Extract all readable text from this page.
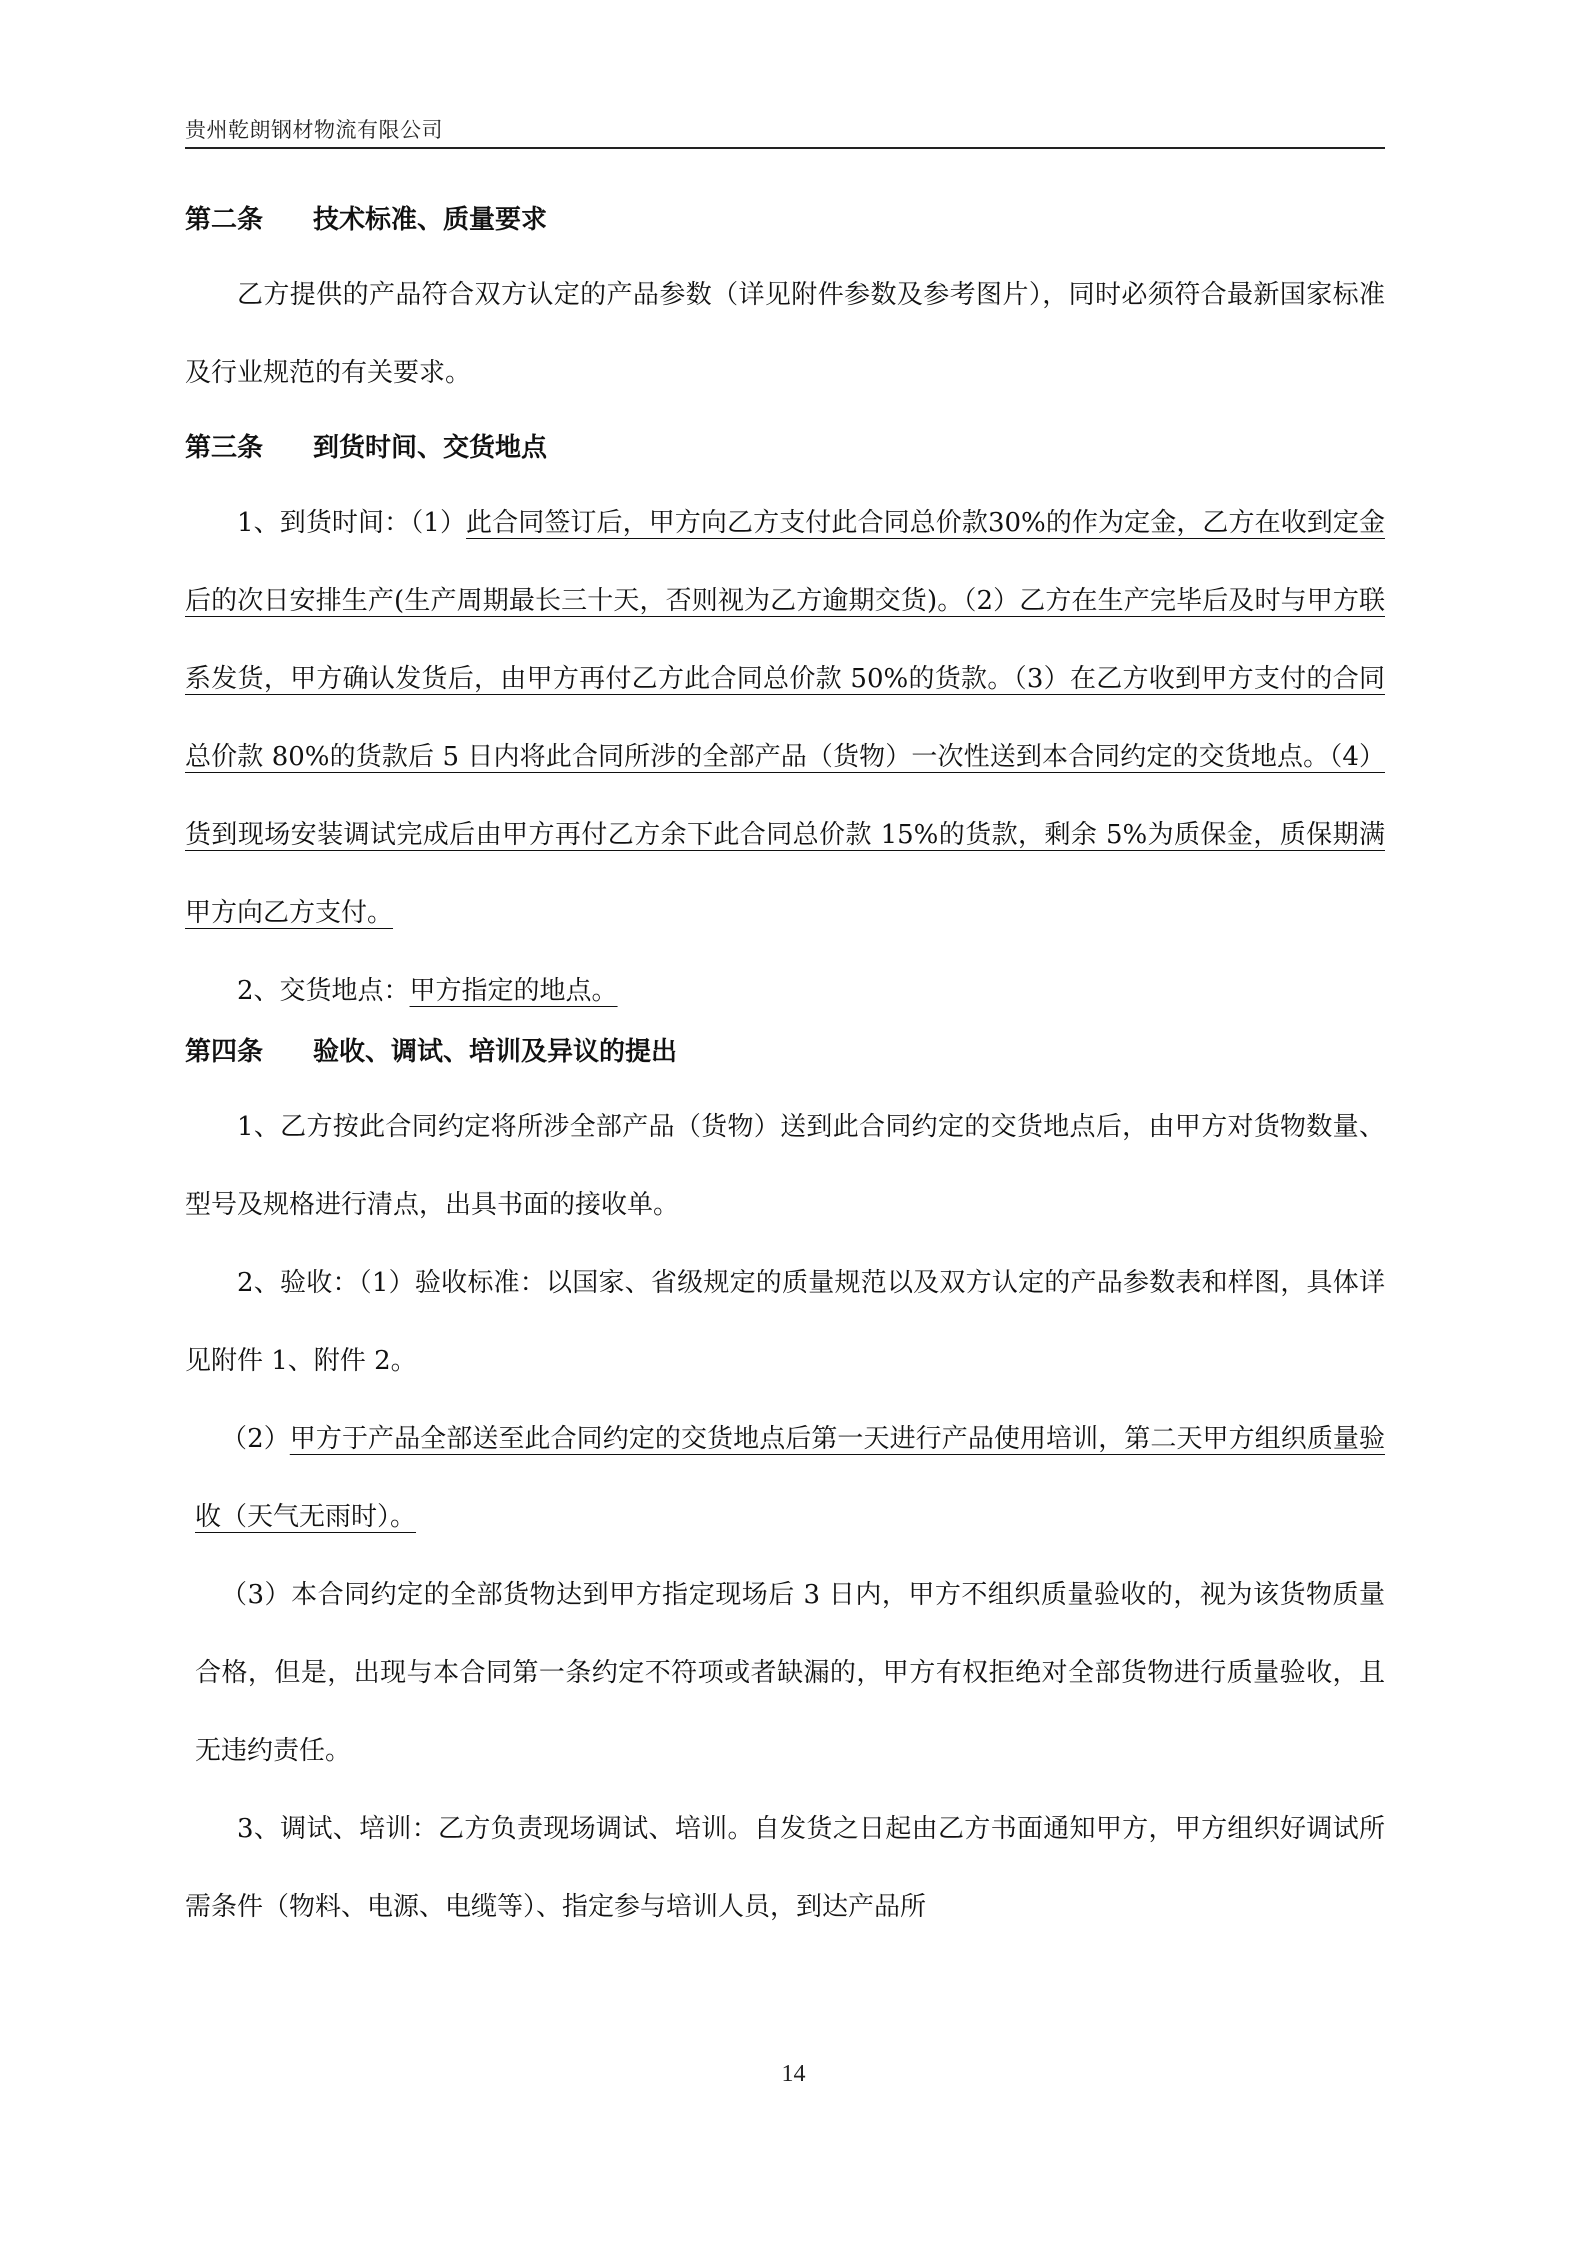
贵州乾朗钢材物流有限公司
第二条 技术标准、质量要求

乙方提供的产品符合双方认定的产品参数（详见附件参数及参考图片），同时必须符合最新国家标准及行业规范的有关要求。

第三条 到货时间、交货地点

1、到货时间：（1）此合同签订后，甲方向乙方支付此合同总价款30%的作为定金，乙方在收到定金后的次日安排生产(生产周期最长三十天，否则视为乙方逾期交货)。（2）乙方在生产完毕后及时与甲方联系发货，甲方确认发货后，由甲方再付乙方此合同总价款 50%的货款。（3）在乙方收到甲方支付的合同总价款 80%的货款后 5 日内将此合同所涉的全部产品（货物）一次性送到本合同约定的交货地点。（4）货到现场安装调试完成后由甲方再付乙方余下此合同总价款 15%的货款，剩余 5%为质保金，质保期满甲方向乙方支付。

2、交货地点：甲方指定的地点。

第四条 验收、调试、培训及异议的提出

1、乙方按此合同约定将所涉全部产品（货物）送到此合同约定的交货地点后，由甲方对货物数量、型号及规格进行清点，出具书面的接收单。

2、验收：（1）验收标准：以国家、省级规定的质量规范以及双方认定的产品参数表和样图，具体详见附件 1、附件 2。

（2）甲方于产品全部送至此合同约定的交货地点后第一天进行产品使用培训，第二天甲方组织质量验收（天气无雨时）。

（3）本合同约定的全部货物达到甲方指定现场后 3 日内，甲方不组织质量验收的，视为该货物质量合格，但是，出现与本合同第一条约定不符项或者缺漏的，甲方有权拒绝对全部货物进行质量验收，且无违约责任。

3、调试、培训：乙方负责现场调试、培训。自发货之日起由乙方书面通知甲方，甲方组织好调试所需条件（物料、电源、电缆等）、指定参与培训人员，到达产品所

14
